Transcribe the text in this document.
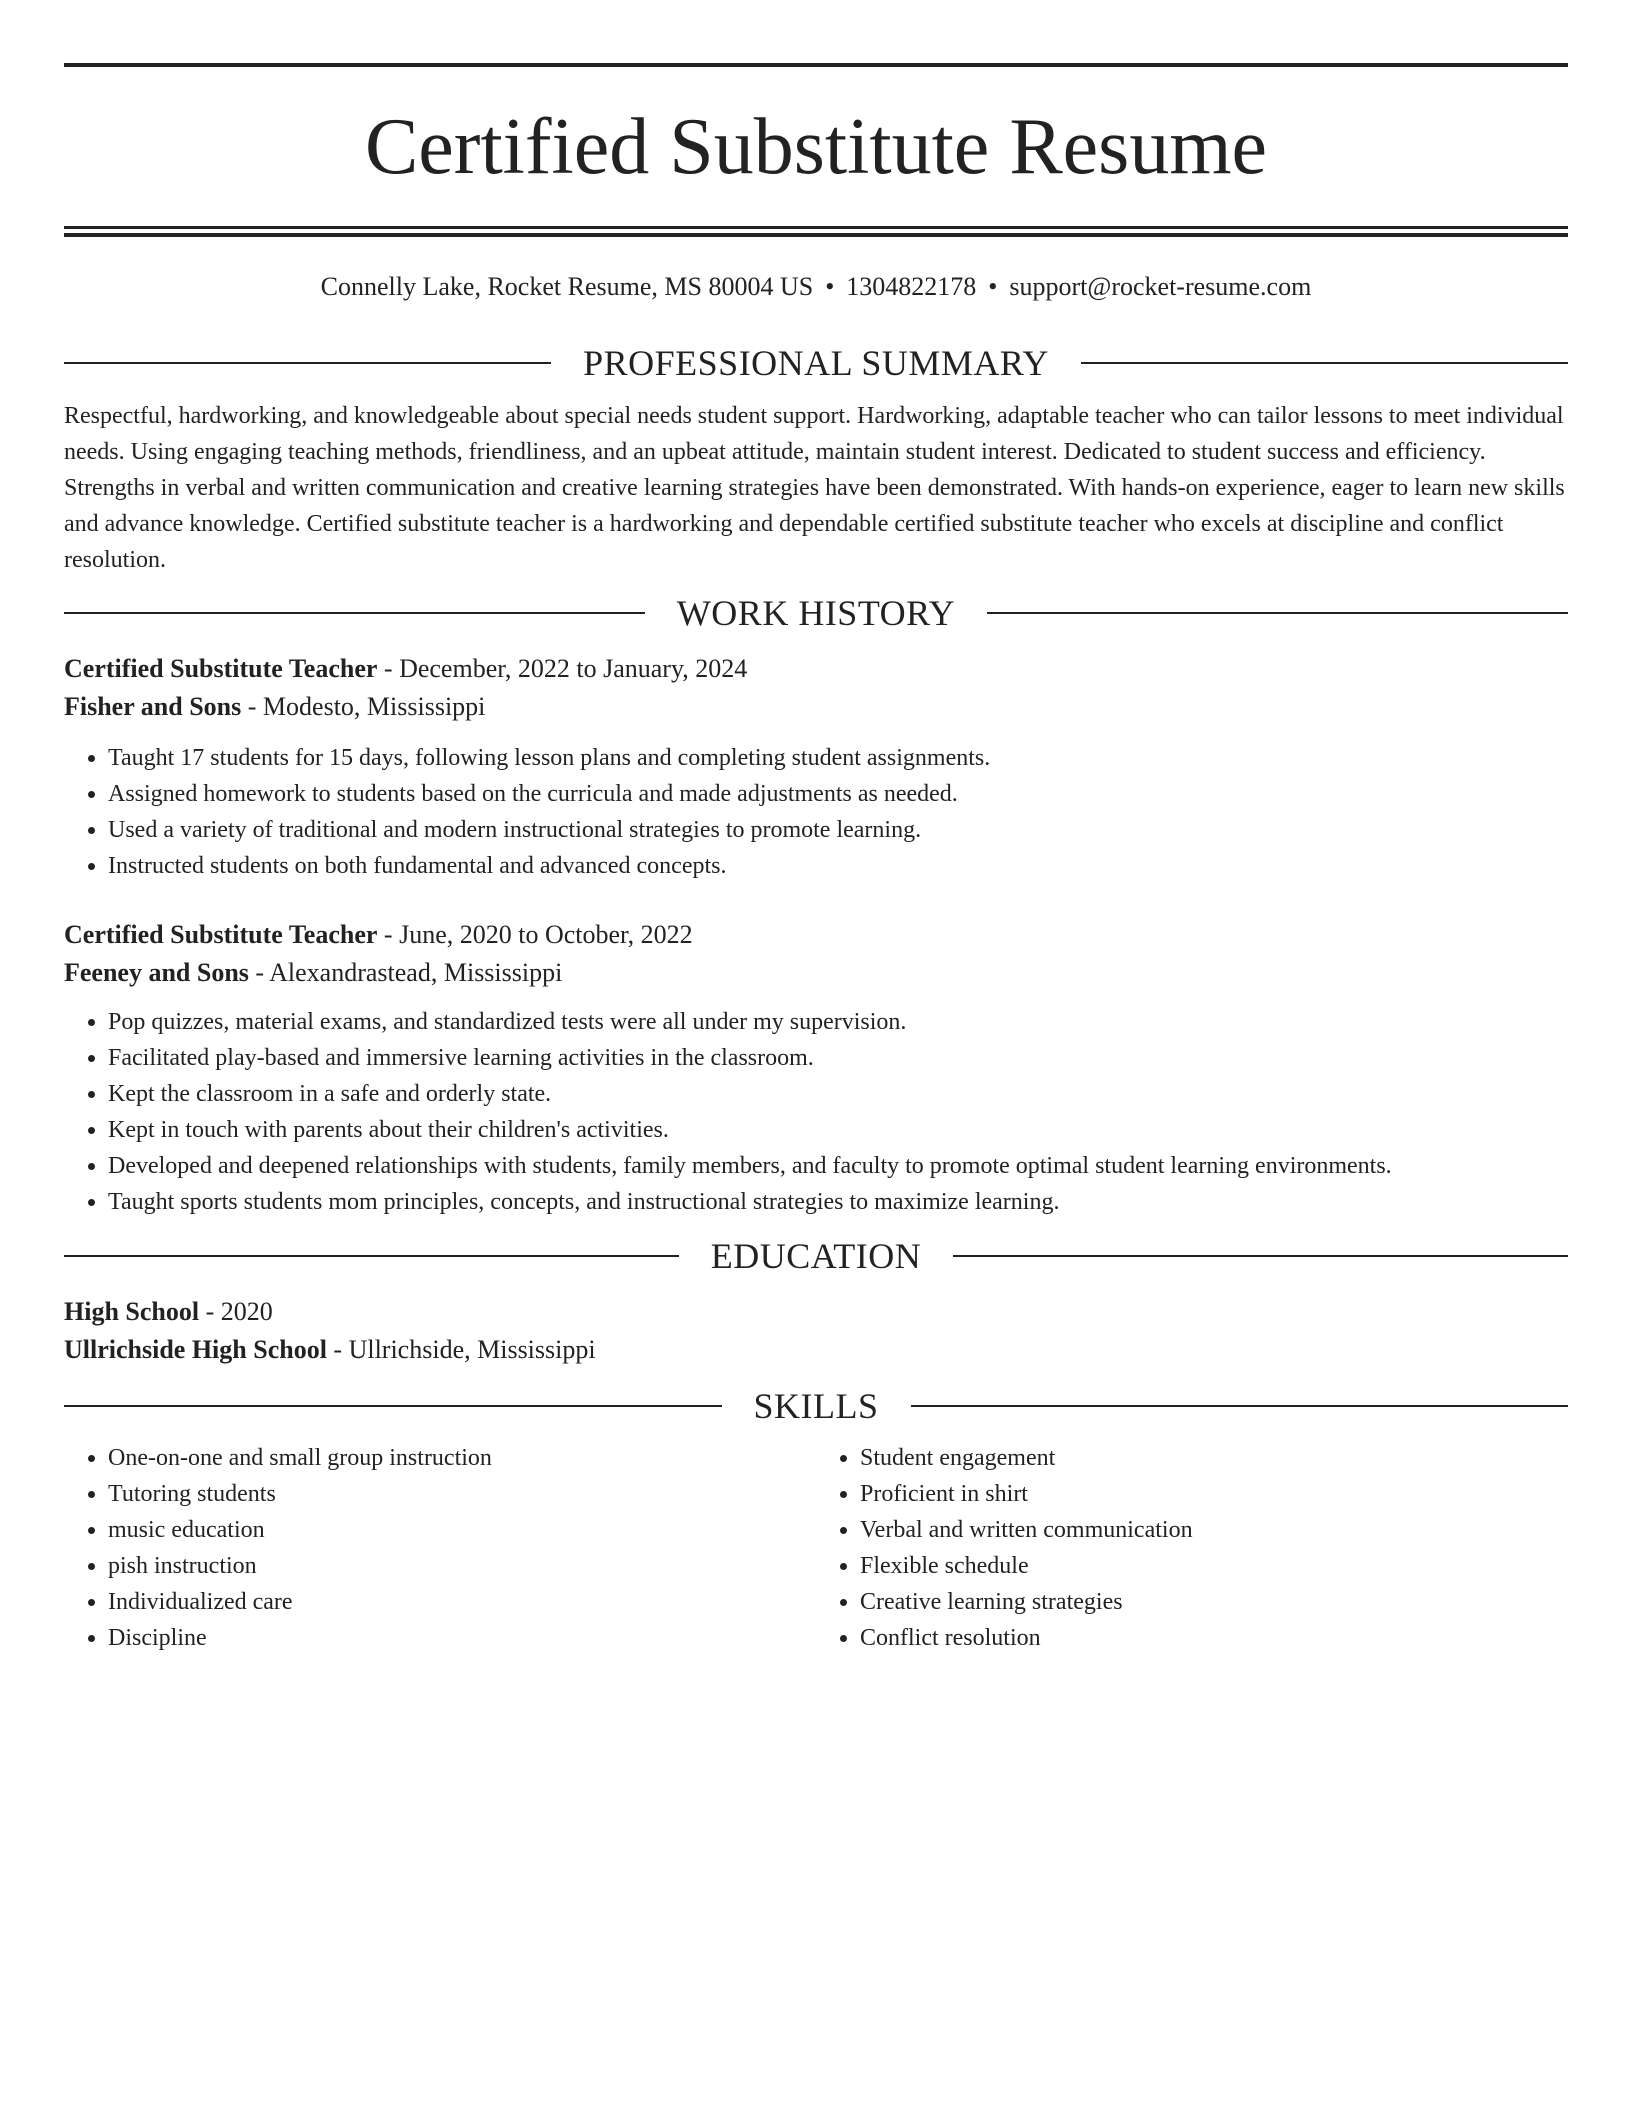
Certified Substitute Resume
Connelly Lake, Rocket Resume, MS 80004 US • 1304822178 • support@rocket-resume.com
PROFESSIONAL SUMMARY

Respectful, hardworking, and knowledgeable about special needs student support. Hardworking, adaptable teacher who can tailor lessons to meet individual needs. Using engaging teaching methods, friendliness, and an upbeat attitude, maintain student interest. Dedicated to student success and efficiency. Strengths in verbal and written communication and creative learning strategies have been demonstrated. With hands-on experience, eager to learn new skills and advance knowledge. Certified substitute teacher is a hardworking and dependable certified substitute teacher who excels at discipline and conflict resolution.

WORK HISTORY

Certified Substitute Teacher - December, 2022 to January, 2024

Fisher and Sons - Modesto, Mississippi

• Taught 17 students for 15 days, following lesson plans and completing student assignments.
• Assigned homework to students based on the curricula and made adjustments as needed.
• Used a variety of traditional and modern instructional strategies to promote learning.
• Instructed students on both fundamental and advanced concepts.

Certified Substitute Teacher - June, 2020 to October, 2022

Feeney and Sons - Alexandrastead, Mississippi

• Pop quizzes, material exams, and standardized tests were all under my supervision.
• Facilitated play-based and immersive learning activities in the classroom.
• Kept the classroom in a safe and orderly state.
• Kept in touch with parents about their children's activities.
• Developed and deepened relationships with students, family members, and faculty to promote optimal student learning environments.
• Taught sports students mom principles, concepts, and instructional strategies to maximize learning.
EDUCATION

High School - 2020

Ullrichside High School - Ullrichside, Mississippi

SKILLS
• One-on-one and small group instruction
• Tutoring students
• music education
• pish instruction
• Individualized care
• Discipline
• Student engagement
• Proficient in shirt
• Verbal and written communication
• Flexible schedule
• Creative learning strategies
• Conflict resolution
